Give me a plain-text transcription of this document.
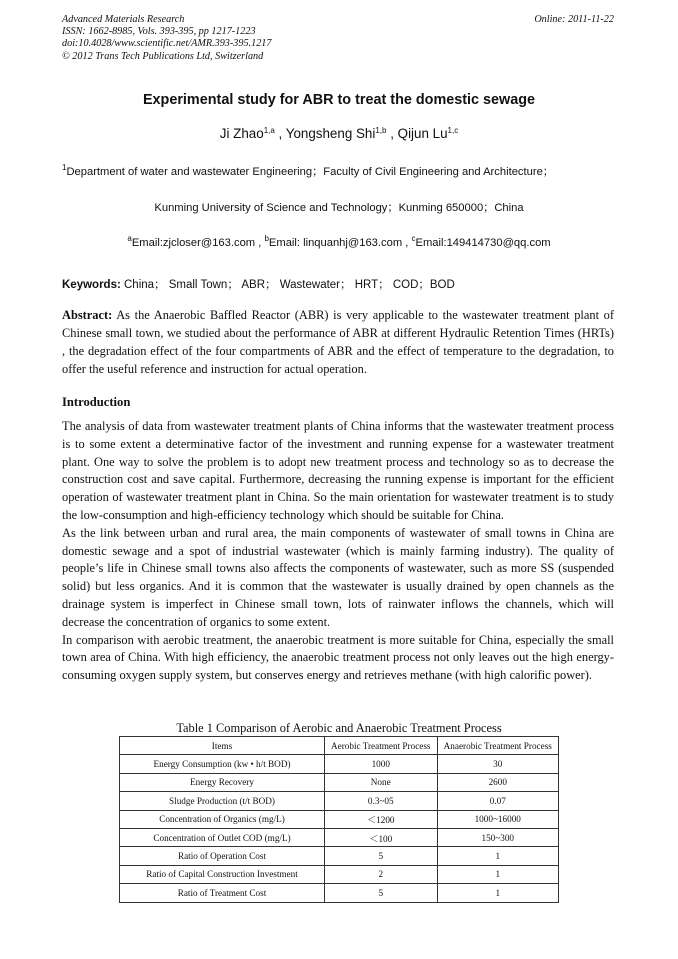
Advanced Materials Research
ISSN: 1662-8985, Vols. 393-395, pp 1217-1223
doi:10.4028/www.scientific.net/AMR.393-395.1217
© 2012 Trans Tech Publications Ltd, Switzerland
Online: 2011-11-22
Experimental study for ABR to treat the domestic sewage
Ji Zhao$^{1,a}$ , Yongsheng Shi$^{1,b}$ , Qijun Lu$^{1,c}$
$^1$Department of water and wastewater Engineering；Faculty of Civil Engineering and Architecture；
Kunming University of Science and Technology；Kunming 650000；China
$^a$Email:zjcloser@163.com , $^b$Email: linquanhj@163.com , $^c$Email:149414730@qq.com
Keywords: China； Small Town； ABR； Wastewater； HRT； COD；BOD
Abstract: As the Anaerobic Baffled Reactor (ABR) is very applicable to the wastewater treatment plant of Chinese small town, we studied about the performance of ABR at different Hydraulic Retention Times (HRTs) , the degradation effect of the four compartments of ABR and the effect of temperature to the degradation, to offer the useful reference and instruction for actual operation.
Introduction

The analysis of data from wastewater treatment plants of China informs that the wastewater treatment process is to some extent a determinative factor of the investment and running expense for a wastewater treatment plant. One way to solve the problem is to adopt new treatment process and technology so as to decrease the construction cost and save capital. Furthermore, decreasing the running expense is important for the efficient operation of wastewater treatment plant in China. So the main orientation for wastewater treatment is to study the low-consumption and high-efficiency technology which should be suitable for China.

As the link between urban and rural area, the main components of wastewater of small towns in China are domestic sewage and a spot of industrial wastewater (which is mainly farming industry). The quality of people’s life in Chinese small towns also affects the components of wastewater, such as more SS (suspended solid) but less organics. And it is common that the wastewater is usually drained by open channels as the drainage system is imperfect in Chinese small town, lots of rainwater inflows the channels, which will decrease the concentration of organics to some extent.

In comparison with aerobic treatment, the anaerobic treatment is more suitable for China, especially the small town area of China. With high efficiency, the anaerobic treatment process not only leaves out the high energy-consuming oxygen supply system, but conserves energy and retrieves methane (with high calorific power).

Table 1 Comparison of Aerobic and Anaerobic Treatment Process
Items	Aerobic Treatment Process	Anaerobic Treatment Process
Energy Consumption (kw • h/t BOD)	1000	30
Energy Recovery	None	2600
Sludge Production (t/t BOD)	0.3~05	0.07
Concentration of Organics (mg/L)	＜1200	1000~16000
Concentration of Outlet COD (mg/L)	＜100	150~300
Ratio of Operation Cost	5	1
Ratio of Capital Construction Investment	2	1
Ratio of Treatment Cost	5	1
